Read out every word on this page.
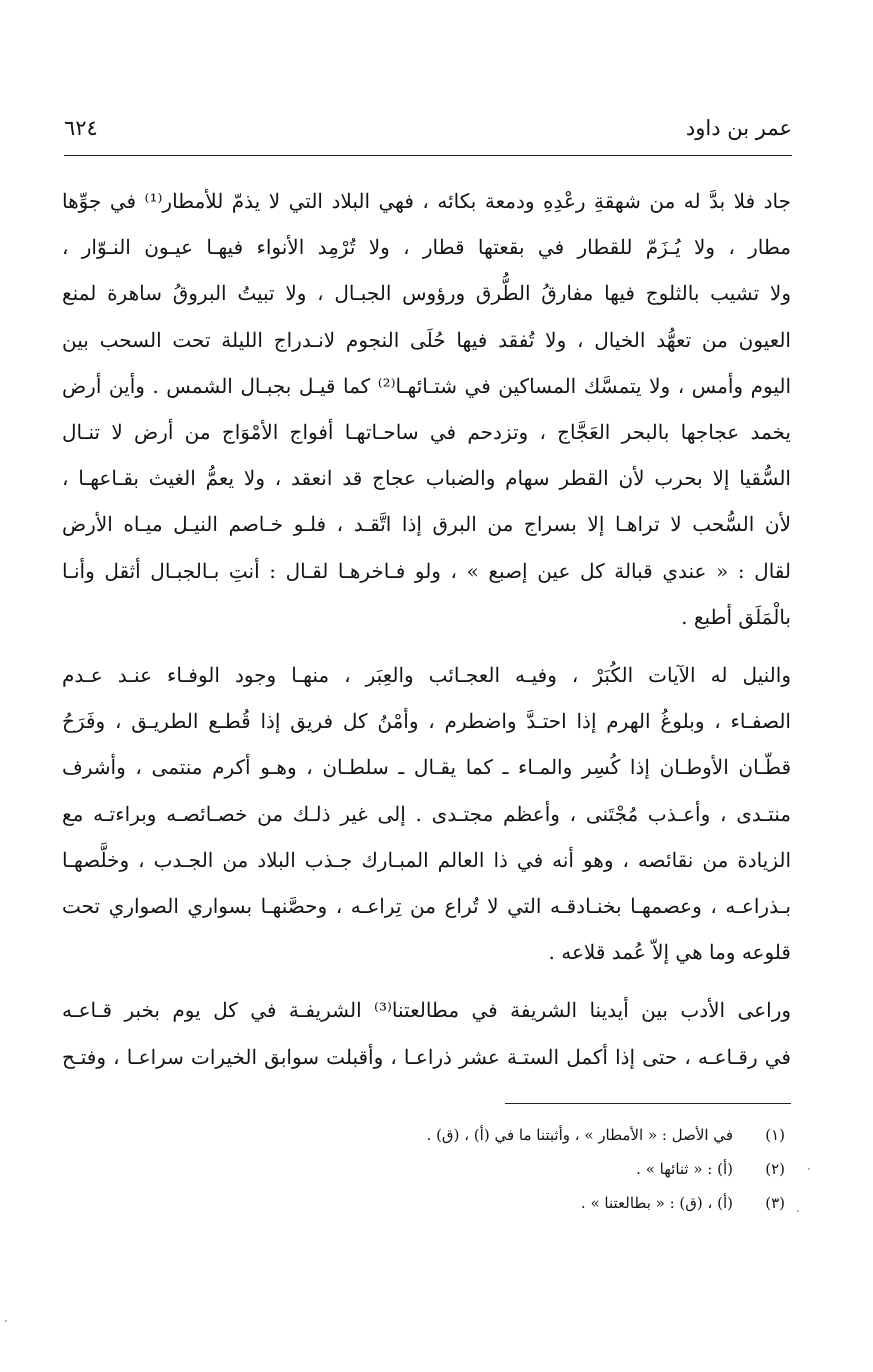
عمر بن داود
٦٢٤

جاد فلا بدَّ له من شهقةِ رعْدِهِ ودمعة بكائه ، فهي البلاد التي لا يذمّ للأمطار⁽¹⁾ في جوِّها
مطار ، ولا يُـزَمّ للقطار في بقعتها قطار ، ولا تُرْمِد الأنواء فيهـا عيـون النـوّار ،
ولا تشيب بالثلوج فيها مفارقُ الطُّرق ورؤوس الجبـال ، ولا تبيتُ البروقُ ساهرة لمنع
العيون من تعهُّد الخيال ، ولا تُفقد فيها حُلَى النجوم لانـدراج الليلة تحت السحب بين
اليوم وأمس ، ولا يتمسَّك المساكين في شتـائهـا⁽²⁾ كما قيـل بجبـال الشمس . وأين أرض
يخمد عجاجها بالبحر العَجَّاج ، وتزدحم في ساحـاتهـا أفواج الأمْوَاج من أرض لا تنـال
السُّقيا إلا بحرب لأن القطر سهام والضباب عجاج قد انعقد ، ولا يعمُّ الغيث بقـاعهـا ،
لأن السُّحب لا تراهـا إلا بسراج من البرق إذا اتَّقـد ، فلـو خـاصم النيـل ميـاه الأرض
لقال : « عندي قبالة كل عين إصبع » ، ولو فـاخرهـا لقـال : أنتِ بـالجبـال أثقل وأنـا
بالْمَلَق أطبع .

والنيل له الآيات الكُبَرْ ، وفيـه العجـائب والعِبَر ، منهـا وجود الوفـاء عنـد عـدم
الصفـاء ، وبلوغُ الهرم إذا احتـدَّ واضطرم ، وأمْنُ كل فريق إذا قُطـع الطريـق ، وفَرَحُ
قطّـان الأوطـان إذا كُسِر والمـاء ـ كما يقـال ـ سلطـان ، وهـو أكرم منتمى ، وأشرف
منتـدى ، وأعـذب مُجْتَنى ، وأعظم مجتـدى . إلى غير ذلـك من خصـائصـه وبراءتـه مع
الزيادة من نقائصه ، وهو أنه في ذا العالم المبـارك جـذب البلاد من الجـدب ، وخلَّصهـا
بـذراعـه ، وعصمهـا بخنـادقـه التي لا تُراع من تِراعـه ، وحصَّنهـا بسواري الصواري تحت
قلوعه وما هي إلاّ عُمد قلاعه .

وراعى الأدب بين أيدينا الشريفة في مطالعتنا⁽³⁾ الشريفـة في كل يوم بخبر قـاعـه
في رقـاعـه ، حتى إذا أكمل الستـة عشر ذراعـا ، وأقبلت سوابق الخيرات سراعـا ، وفتـح

(١)
في الأصل : « الأمطار » ، وأثبتنا ما في (أ) ، (ق) .
(٢)
(أ) : « ثنائها » .
(٣)
(أ) ، (ق) : « بطالعتنا » .
